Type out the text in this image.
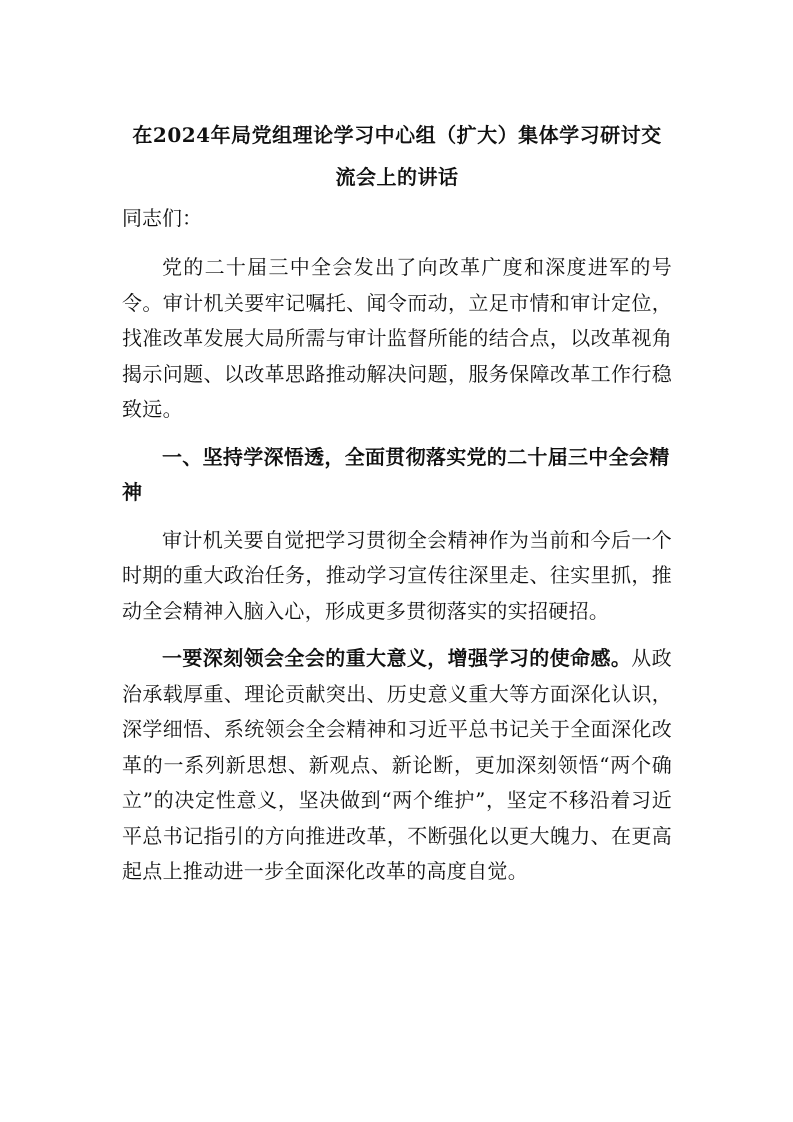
在2024年局党组理论学习中心组（扩大）集体学习研讨交
流会上的讲话

同志们：

党的二十届三中全会发出了向改革广度和深度进军的号令。审计机关要牢记嘱托、闻令而动，立足市情和审计定位，找准改革发展大局所需与审计监督所能的结合点，以改革视角揭示问题、以改革思路推动解决问题，服务保障改革工作行稳致远。

一、坚持学深悟透，全面贯彻落实党的二十届三中全会精神

审计机关要自觉把学习贯彻全会精神作为当前和今后一个时期的重大政治任务，推动学习宣传往深里走、往实里抓，推动全会精神入脑入心，形成更多贯彻落实的实招硬招。

一要深刻领会全会的重大意义，增强学习的使命感。从政治承载厚重、理论贡献突出、历史意义重大等方面深化认识，深学细悟、系统领会全会精神和习近平总书记关于全面深化改革的一系列新思想、新观点、新论断，更加深刻领悟“两个确立”的决定性意义，坚决做到“两个维护”，坚定不移沿着习近平总书记指引的方向推进改革，不断强化以更大魄力、在更高起点上推动进一步全面深化改革的高度自觉。
